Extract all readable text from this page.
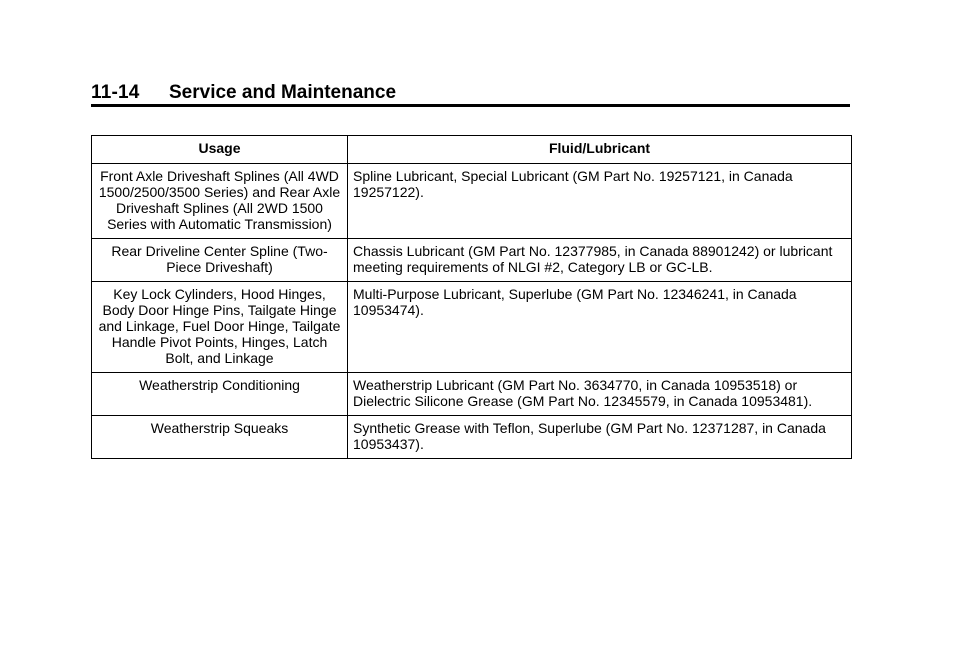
11-14 Service and Maintenance
Usage	Fluid/Lubricant
Front Axle Driveshaft Splines (All 4WD 1500/2500/3500 Series) and Rear Axle Driveshaft Splines (All 2WD 1500 Series with Automatic Transmission)	Spline Lubricant, Special Lubricant (GM Part No. 19257121, in Canada 19257122).
Rear Driveline Center Spline (Two-Piece Driveshaft)	Chassis Lubricant (GM Part No. 12377985, in Canada 88901242) or lubricant meeting requirements of NLGI #2, Category LB or GC-LB.
Key Lock Cylinders, Hood Hinges, Body Door Hinge Pins, Tailgate Hinge and Linkage, Fuel Door Hinge, Tailgate Handle Pivot Points, Hinges, Latch Bolt, and Linkage	Multi-Purpose Lubricant, Superlube (GM Part No. 12346241, in Canada 10953474).
Weatherstrip Conditioning	Weatherstrip Lubricant (GM Part No. 3634770, in Canada 10953518) or Dielectric Silicone Grease (GM Part No. 12345579, in Canada 10953481).
Weatherstrip Squeaks	Synthetic Grease with Teflon, Superlube (GM Part No. 12371287, in Canada 10953437).
